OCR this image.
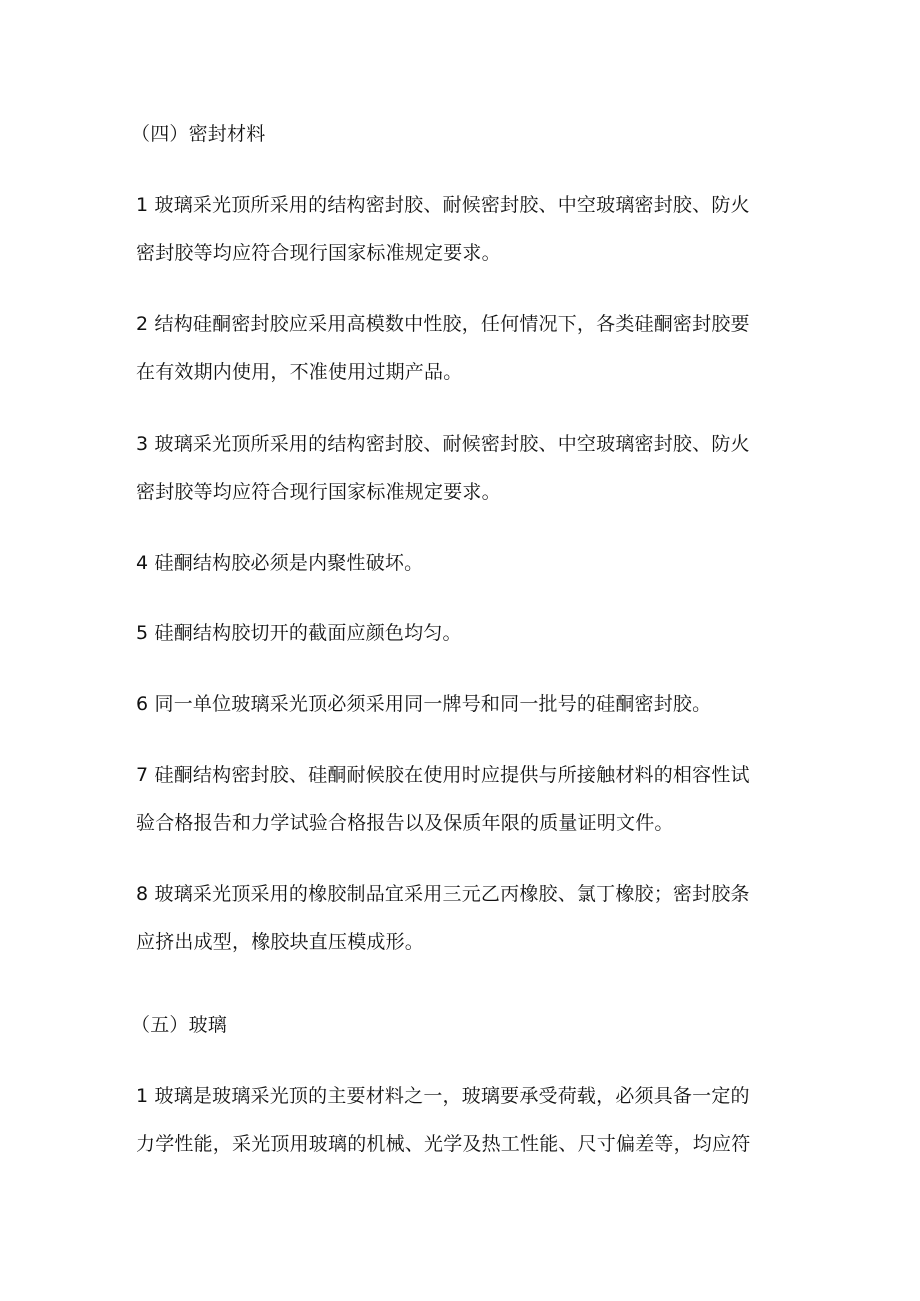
（四）密封材料
1 玻璃采光顶所采用的结构密封胶、耐候密封胶、中空玻璃密封胶、防火
密封胶等均应符合现行国家标准规定要求。
2 结构硅酮密封胶应采用高模数中性胶，任何情况下，各类硅酮密封胶要
在有效期内使用，不准使用过期产品。
3 玻璃采光顶所采用的结构密封胶、耐候密封胶、中空玻璃密封胶、防火
密封胶等均应符合现行国家标准规定要求。
4 硅酮结构胶必须是内聚性破坏。
5 硅酮结构胶切开的截面应颜色均匀。
6 同一单位玻璃采光顶必须采用同一牌号和同一批号的硅酮密封胶。
7 硅酮结构密封胶、硅酮耐候胶在使用时应提供与所接触材料的相容性试
验合格报告和力学试验合格报告以及保质年限的质量证明文件。
8 玻璃采光顶采用的橡胶制品宜采用三元乙丙橡胶、氯丁橡胶；密封胶条
应挤出成型，橡胶块直压模成形。
（五）玻璃
1 玻璃是玻璃采光顶的主要材料之一，玻璃要承受荷载，必须具备一定的
力学性能，采光顶用玻璃的机械、光学及热工性能、尺寸偏差等，均应符
